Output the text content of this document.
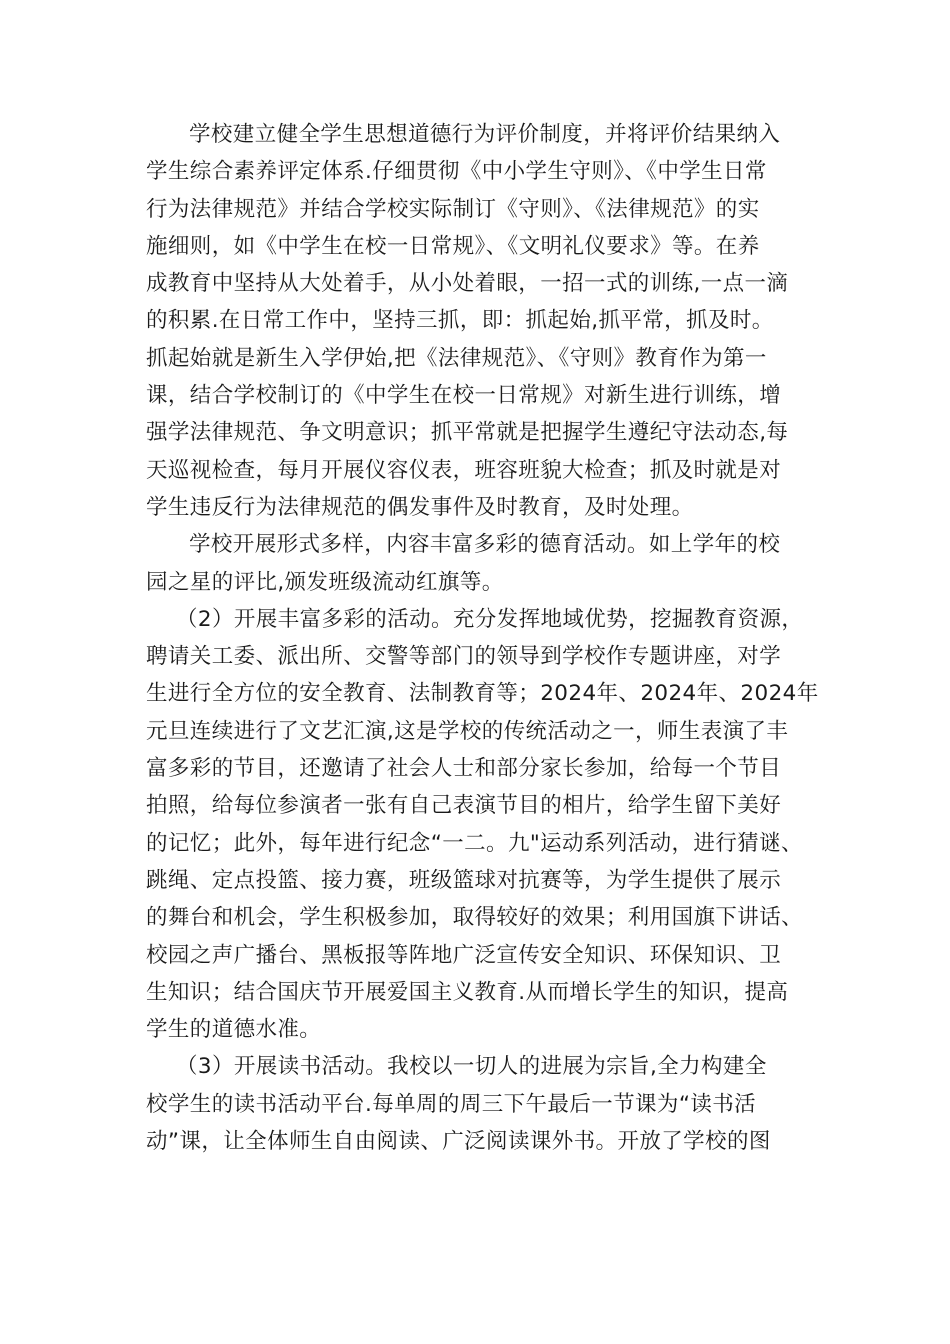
学校建立健全学生思想道德行为评价制度，并将评价结果纳入
学生综合素养评定体系.仔细贯彻《中小学生守则》、《中学生日常
行为法律规范》并结合学校实际制订《守则》、《法律规范》的实
施细则，如《中学生在校一日常规》、《文明礼仪要求》等。在养
成教育中坚持从大处着手，从小处着眼，一招一式的训练,一点一滴
的积累.在日常工作中，坚持三抓，即：抓起始,抓平常，抓及时。
抓起始就是新生入学伊始,把《法律规范》、《守则》教育作为第一
课，结合学校制订的《中学生在校一日常规》对新生进行训练，增
强学法律规范、争文明意识；抓平常就是把握学生遵纪守法动态,每
天巡视检查，每月开展仪容仪表，班容班貌大检查；抓及时就是对
学生违反行为法律规范的偶发事件及时教育，及时处理。
学校开展形式多样，内容丰富多彩的德育活动。如上学年的校
园之星的评比,颁发班级流动红旗等。
（2）开展丰富多彩的活动。充分发挥地域优势，挖掘教育资源，
聘请关工委、派出所、交警等部门的领导到学校作专题讲座，对学
生进行全方位的安全教育、法制教育等；2024年、2024年、2024年
元旦连续进行了文艺汇演,这是学校的传统活动之一，师生表演了丰
富多彩的节目，还邀请了社会人士和部分家长参加，给每一个节目
拍照，给每位参演者一张有自己表演节目的相片，给学生留下美好
的记忆；此外，每年进行纪念“一二。九"运动系列活动，进行猜谜、
跳绳、定点投篮、接力赛，班级篮球对抗赛等，为学生提供了展示
的舞台和机会，学生积极参加，取得较好的效果；利用国旗下讲话、
校园之声广播台、黑板报等阵地广泛宣传安全知识、环保知识、卫
生知识；结合国庆节开展爱国主义教育.从而增长学生的知识，提高
学生的道德水准。
（3）开展读书活动。我校以一切人的进展为宗旨,全力构建全
校学生的读书活动平台.每单周的周三下午最后一节课为“读书活
动”课，让全体师生自由阅读、广泛阅读课外书。开放了学校的图
